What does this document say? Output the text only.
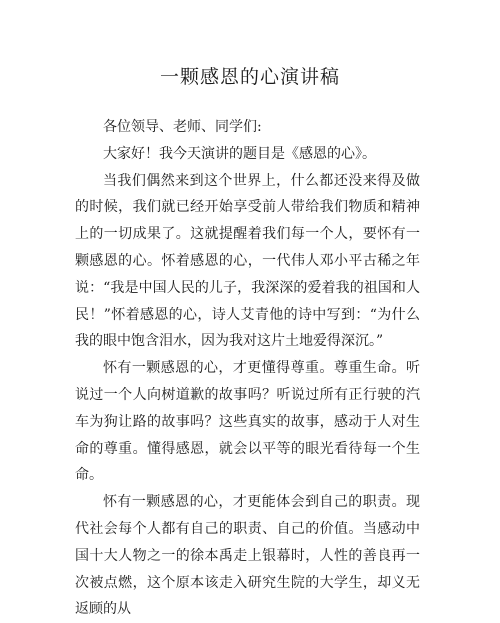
一颗感恩的心演讲稿

各位领导、老师、同学们:

大家好！我今天演讲的题目是《感恩的心》。

当我们偶然来到这个世界上，什么都还没来得及做的时候，我们就已经开始享受前人带给我们物质和精神上的一切成果了。这就提醒着我们每一个人，要怀有一颗感恩的心。怀着感恩的心，一代伟人邓小平古稀之年说：“我是中国人民的儿子，我深深的爱着我的祖国和人民！”怀着感恩的心，诗人艾青他的诗中写到：“为什么我的眼中饱含泪水，因为我对这片土地爱得深沉。”

怀有一颗感恩的心，才更懂得尊重。尊重生命。听说过一个人向树道歉的故事吗？听说过所有正行驶的汽车为狗让路的故事吗？这些真实的故事，感动于人对生命的尊重。懂得感恩，就会以平等的眼光看待每一个生命。

怀有一颗感恩的心，才更能体会到自己的职责。现代社会每个人都有自己的职责、自己的价值。当感动中国十大人物之一的徐本禹走上银幕时，人性的善良再一次被点燃，这个原本该走入研究生院的大学生，却义无返顾的从
